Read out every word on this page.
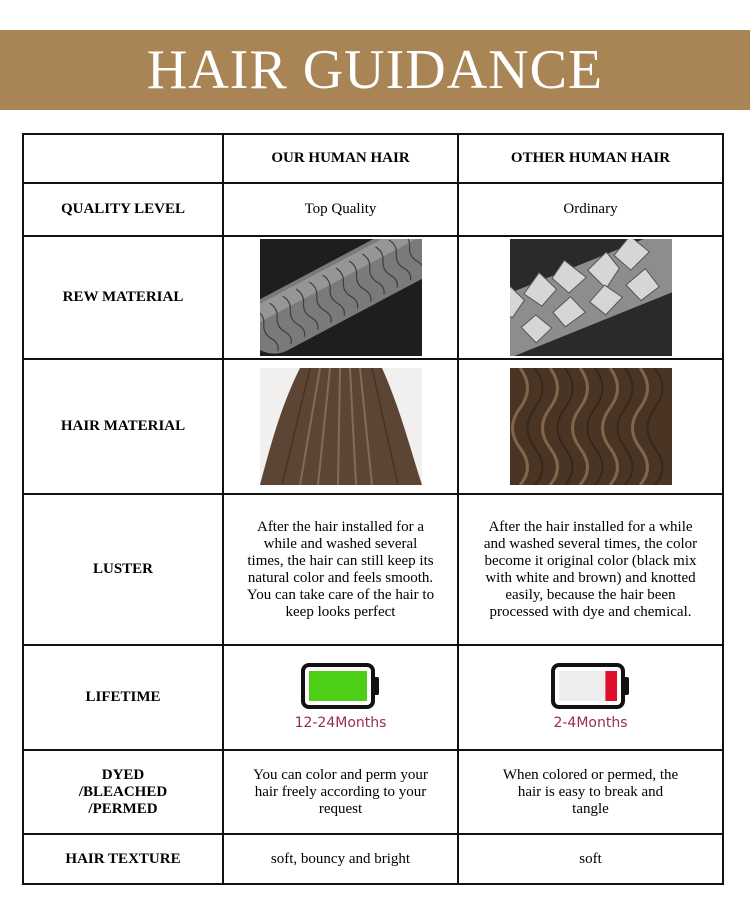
HAIR GUIDANCE
	OUR HUMAN HAIR	OTHER HUMAN HAIR
QUALITY LEVEL	Top Quality	Ordinary
REW MATERIAL	

HAIR MATERIAL	

LUSTER	After the hair installed for a while and washed several times, the hair can still keep its natural color and feels smooth. You can take care of the hair to keep looks perfect	After the hair installed for a while and washed several times, the color become it original color (black mix with white and brown) and knotted easily, because the hair been processed with dye and chemical.
LIFETIME	12-24Months	2-4Months

DYED
/BLEACHED
/PERMED	You can color and perm your hair freely according to your request	When colored or permed, the hair is easy to break and tangle
HAIR TEXTURE	soft, bouncy and bright	soft
